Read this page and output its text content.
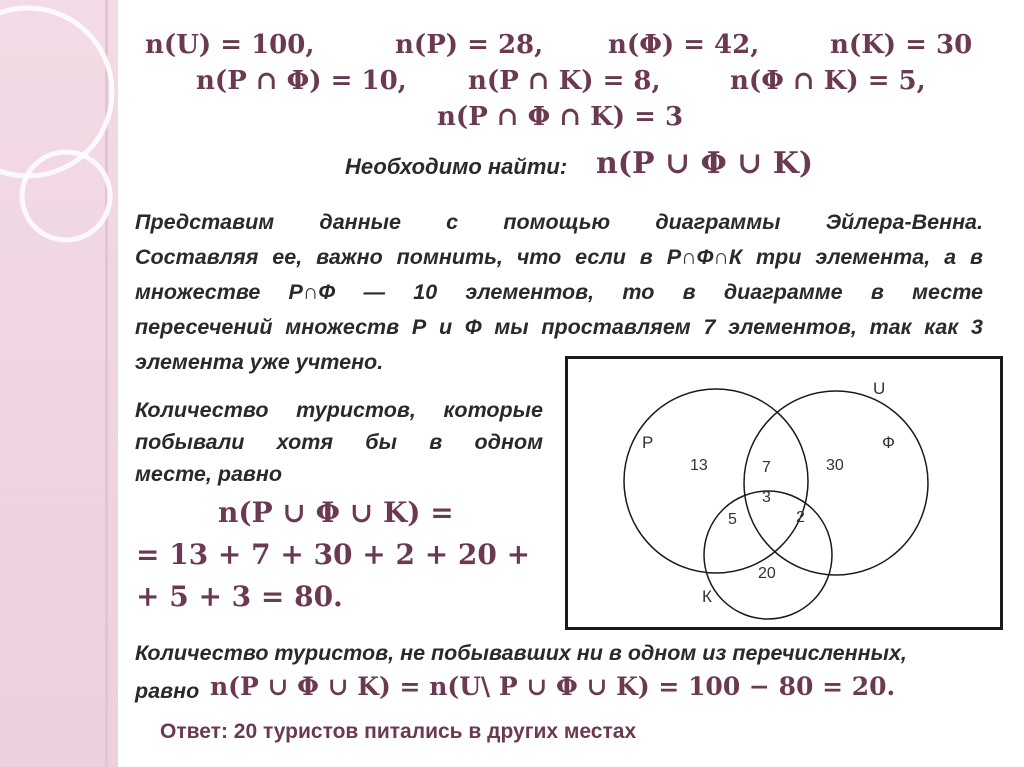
n(U) = 100,	n(P) = 28, n(Φ) = 42,	n(K) = 30
n(P ∩ Φ) = 10, n(P ∩ K) = 8,	n(Φ ∩ K) = 5,
n(P ∩ Φ ∩ K) = 3
Необходимо найти: n(P ∪ Φ ∪ K)
Представим данные с помощью диаграммы Эйлера-Венна.
Составляя ее, важно помнить, что если в Р∩Ф∩К три элемента, а в
множестве Р∩Ф — 10 элементов, то в диаграмме в месте
пересечений множеств Р и Ф мы проставляем 7 элементов, так как 3
элемента уже учтено.
Количество туристов, которые
побывали хотя бы в одном
месте, равно
n(P ∪ Φ ∪ K) =
= 13 + 7 + 30 + 2 + 20 +
+ 5 + 3 = 80.
U
P	Ф
К
13	7	30
3
5	2
20
Количество туристов, не побывавших ни в одном из перечисленных,
равно n(P ∪ Φ ∪ K) = n(U\ P ∪ Φ ∪ K) = 100 − 80 = 20.
Ответ: 20 туристов питались в других местах
